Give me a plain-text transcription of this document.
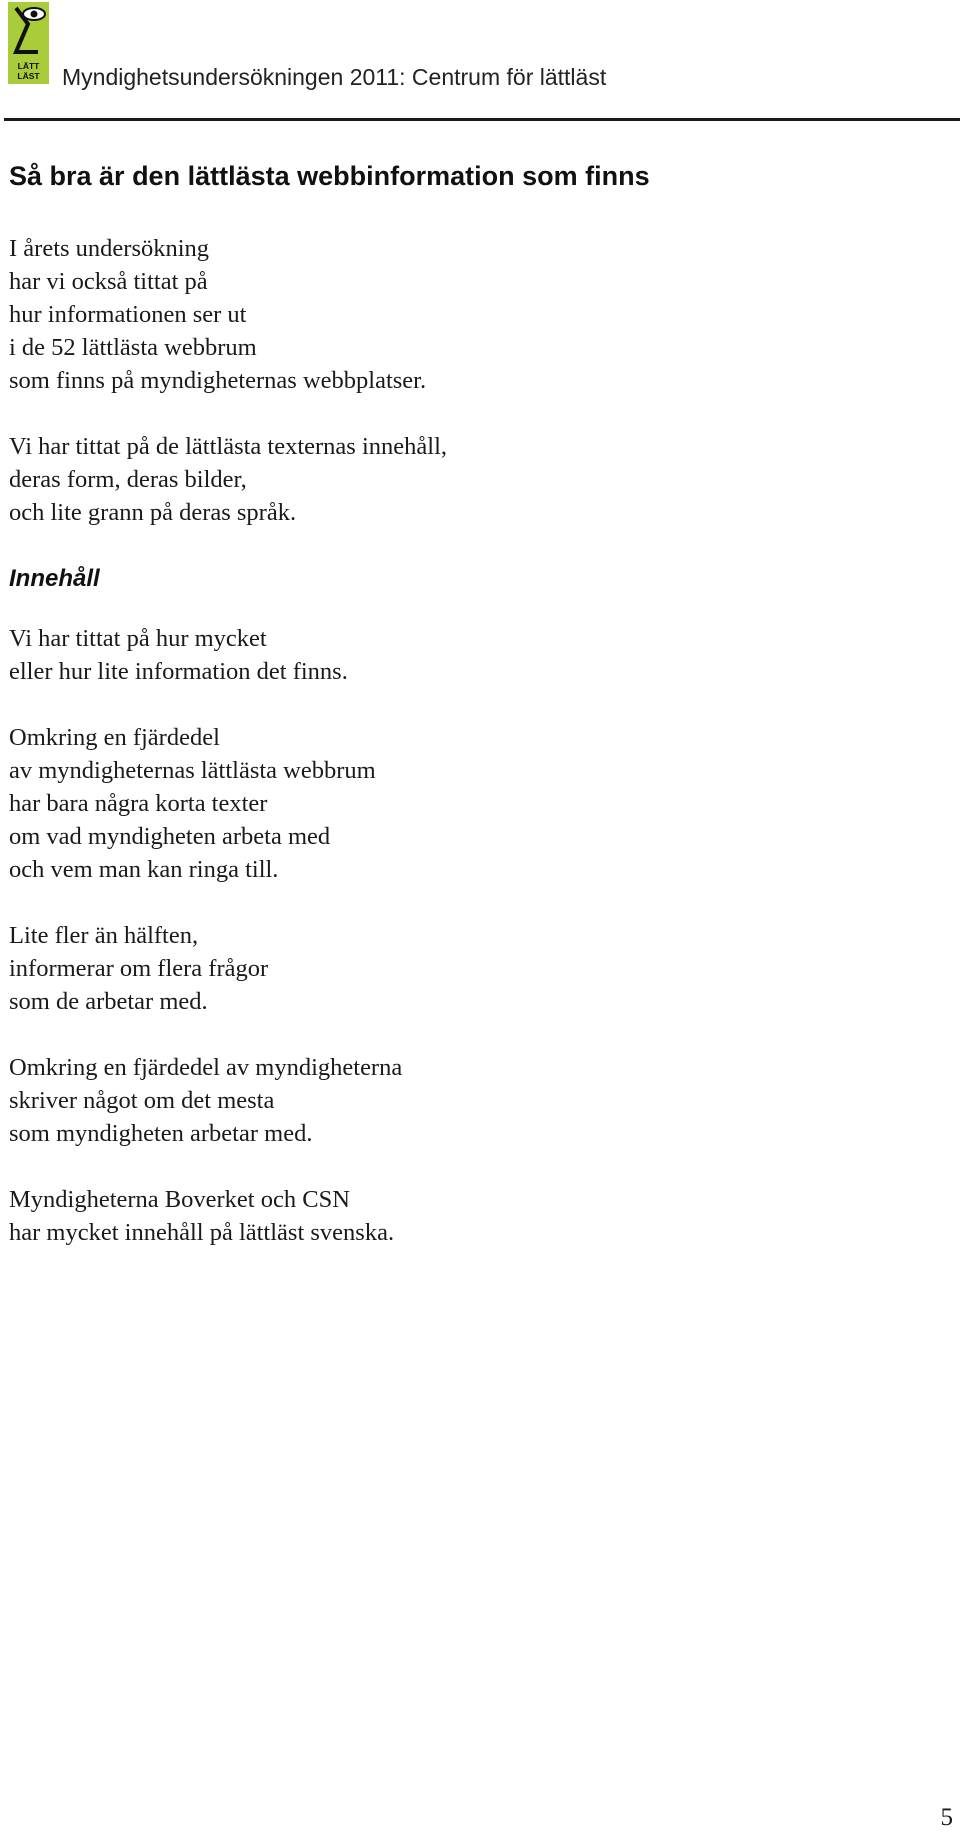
LÄTT
LÄST Myndighetsundersökningen 2011: Centrum för lättläst
Så bra är den lättlästa webbinformation som finns

I årets undersökning
har vi också tittat på
hur informationen ser ut
i de 52 lättlästa webbrum
som finns på myndigheternas webbplatser.

Vi har tittat på de lättlästa texternas innehåll,
deras form, deras bilder,
och lite grann på deras språk.

Innehåll

Vi har tittat på hur mycket
eller hur lite information det finns.

Omkring en fjärdedel
av myndigheternas lättlästa webbrum
har bara några korta texter
om vad myndigheten arbeta med
och vem man kan ringa till.

Lite fler än hälften,
informerar om flera frågor
som de arbetar med.

Omkring en fjärdedel av myndigheterna
skriver något om det mesta
som myndigheten arbetar med.

Myndigheterna Boverket och CSN
har mycket innehåll på lättläst svenska.

5
